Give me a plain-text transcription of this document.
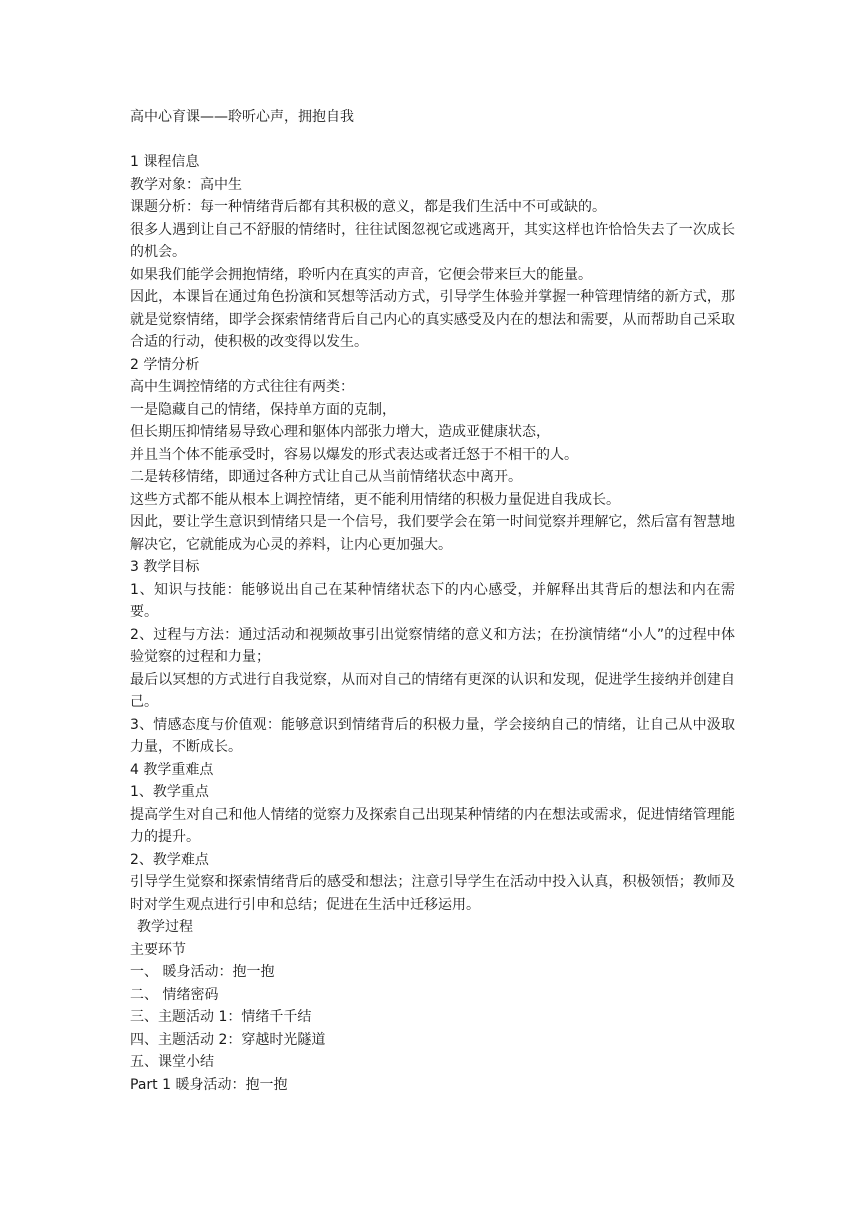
高中心育课——聆听心声，拥抱自我
1 课程信息
教学对象：高中生
课题分析：每一种情绪背后都有其积极的意义，都是我们生活中不可或缺的。
很多人遇到让自己不舒服的情绪时，往往试图忽视它或逃离开，其实这样也许恰恰失去了一次成长的机会。
如果我们能学会拥抱情绪，聆听内在真实的声音，它便会带来巨大的能量。
因此，本课旨在通过角色扮演和冥想等活动方式，引导学生体验并掌握一种管理情绪的新方式，那就是觉察情绪，即学会探索情绪背后自己内心的真实感受及内在的想法和需要，从而帮助自己采取合适的行动，使积极的改变得以发生。
2 学情分析
高中生调控情绪的方式往往有两类：
一是隐藏自己的情绪，保持单方面的克制，
但长期压抑情绪易导致心理和躯体内部张力增大，造成亚健康状态，
并且当个体不能承受时，容易以爆发的形式表达或者迁怒于不相干的人。
二是转移情绪，即通过各种方式让自己从当前情绪状态中离开。
这些方式都不能从根本上调控情绪，更不能利用情绪的积极力量促进自我成长。
因此，要让学生意识到情绪只是一个信号，我们要学会在第一时间觉察并理解它，然后富有智慧地解决它，它就能成为心灵的养料，让内心更加强大。
3 教学目标
1、知识与技能：能够说出自己在某种情绪状态下的内心感受，并解释出其背后的想法和内在需要。
2、过程与方法：通过活动和视频故事引出觉察情绪的意义和方法；在扮演情绪“小人”的过程中体验觉察的过程和力量；
最后以冥想的方式进行自我觉察，从而对自己的情绪有更深的认识和发现，促进学生接纳并创建自己。
3、情感态度与价值观：能够意识到情绪背后的积极力量，学会接纳自己的情绪，让自己从中汲取力量，不断成长。
4 教学重难点
1、教学重点
提高学生对自己和他人情绪的觉察力及探索自己出现某种情绪的内在想法或需求，促进情绪管理能力的提升。
2、教学难点
引导学生觉察和探索情绪背后的感受和想法；注意引导学生在活动中投入认真，积极领悟；教师及时对学生观点进行引申和总结；促进在生活中迁移运用。
教学过程
主要环节
一、 暖身活动：抱一抱
二、 情绪密码
三、主题活动 1：情绪千千结
四、主题活动 2：穿越时光隧道
五、课堂小结
Part 1 暖身活动：抱一抱
